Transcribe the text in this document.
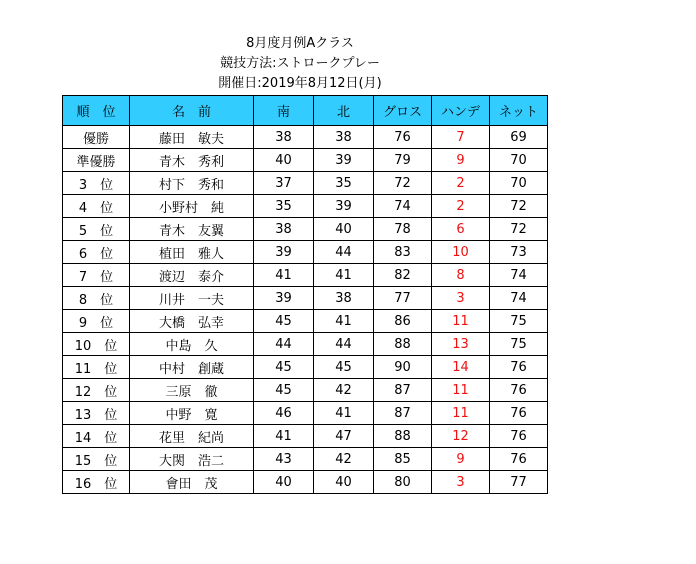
8月度月例Aクラス
競技方法:ストロークプレー
開催日:2019年8月12日(月)
順　位	名　前	南	北	グロス	ハンデ	ネット
優勝	藤田　敏夫	38	38	76	7	69
準優勝	青木　秀利	40	39	79	9	70
3　位	村下　秀和	37	35	72	2	70
4　位	小野村　純	35	39	74	2	72
5　位	青木　友翼	38	40	78	6	72
6　位	植田　雅人	39	44	83	10	73
7　位	渡辺　泰介	41	41	82	8	74
8　位	川井　一夫	39	38	77	3	74
9　位	大橋　弘幸	45	41	86	11	75
10　位	中島　久	44	44	88	13	75
11　位	中村　創蔵	45	45	90	14	76
12　位	三原　徹	45	42	87	11	76
13　位	中野　寛	46	41	87	11	76
14　位	花里　紀尚	41	47	88	12	76
15　位	大関　浩二	43	42	85	9	76
16　位	會田　茂	40	40	80	3	77
